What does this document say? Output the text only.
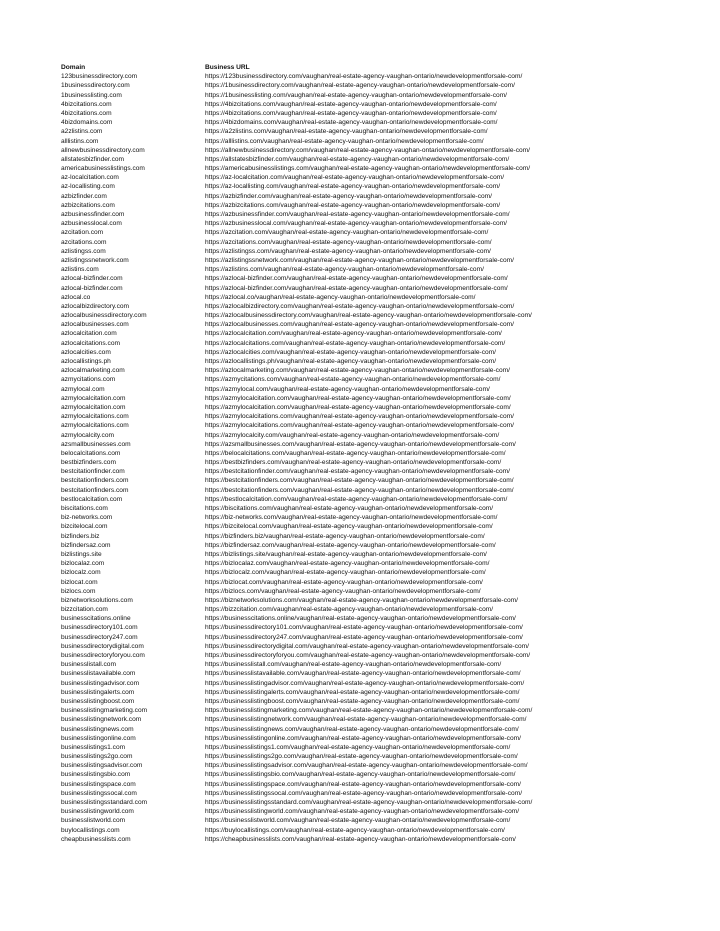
Domain	Business URL
123businessdirectory.com	https://123businessdirectory.com/vaughan/real-estate-agency-vaughan-ontario/newdevelopmentforsale-com/
1businessdirectory.com	https://1businessdirectory.com/vaughan/real-estate-agency-vaughan-ontario/newdevelopmentforsale-com/
1businesslisting.com	https://1businesslisting.com/vaughan/real-estate-agency-vaughan-ontario/newdevelopmentforsale-com/
4bizcitations.com	https://4bizcitations.com/vaughan/real-estate-agency-vaughan-ontario/newdevelopmentforsale-com/
4bizcitations.com	https://4bizcitations.com/vaughan/real-estate-agency-vaughan-ontario/newdevelopmentforsale-com/
4bizdomains.com	https://4bizdomains.com/vaughan/real-estate-agency-vaughan-ontario/newdevelopmentforsale-com/
a2zlistins.com	https://a2zlistins.com/vaughan/real-estate-agency-vaughan-ontario/newdevelopmentforsale-com/
alllistins.com	https://alllistins.com/vaughan/real-estate-agency-vaughan-ontario/newdevelopmentforsale-com/
allnewbusinessdirectory.com	https://allnewbusinessdirectory.com/vaughan/real-estate-agency-vaughan-ontario/newdevelopmentforsale-com/
allstatesbizfinder.com	https://allstatesbizfinder.com/vaughan/real-estate-agency-vaughan-ontario/newdevelopmentforsale-com/
americabusinesslistings.com	https://americabusinesslistings.com/vaughan/real-estate-agency-vaughan-ontario/newdevelopmentforsale-com/
az-localcitation.com	https://az-localcitation.com/vaughan/real-estate-agency-vaughan-ontario/newdevelopmentforsale-com/
az-locallisting.com	https://az-locallisting.com/vaughan/real-estate-agency-vaughan-ontario/newdevelopmentforsale-com/
azbizfinder.com	https://azbizfinder.com/vaughan/real-estate-agency-vaughan-ontario/newdevelopmentforsale-com/
azbizcitations.com	https://azbizcitations.com/vaughan/real-estate-agency-vaughan-ontario/newdevelopmentforsale-com/
azbusinessfinder.com	https://azbusinessfinder.com/vaughan/real-estate-agency-vaughan-ontario/newdevelopmentforsale-com/
azbusinesslocal.com	https://azbusinesslocal.com/vaughan/real-estate-agency-vaughan-ontario/newdevelopmentforsale-com/
azcitation.com	https://azcitation.com/vaughan/real-estate-agency-vaughan-ontario/newdevelopmentforsale-com/
azcitations.com	https://azcitations.com/vaughan/real-estate-agency-vaughan-ontario/newdevelopmentforsale-com/
azlistingss.com	https://azlistingss.com/vaughan/real-estate-agency-vaughan-ontario/newdevelopmentforsale-com/
azlistingssnetwork.com	https://azlistingssnetwork.com/vaughan/real-estate-agency-vaughan-ontario/newdevelopmentforsale-com/
azlistins.com	https://azlistins.com/vaughan/real-estate-agency-vaughan-ontario/newdevelopmentforsale-com/
azlocal-bizfinder.com	https://azlocal-bizfinder.com/vaughan/real-estate-agency-vaughan-ontario/newdevelopmentforsale-com/
azlocal-bizfinder.com	https://azlocal-bizfinder.com/vaughan/real-estate-agency-vaughan-ontario/newdevelopmentforsale-com/
azlocal.co	https://azlocal.co/vaughan/real-estate-agency-vaughan-ontario/newdevelopmentforsale-com/
azlocalbizdirectory.com	https://azlocalbizdirectory.com/vaughan/real-estate-agency-vaughan-ontario/newdevelopmentforsale-com/
azlocalbusinessdirectory.com	https://azlocalbusinessdirectory.com/vaughan/real-estate-agency-vaughan-ontario/newdevelopmentforsale-com/
azlocalbusinesses.com	https://azlocalbusinesses.com/vaughan/real-estate-agency-vaughan-ontario/newdevelopmentforsale-com/
azlocalcitation.com	https://azlocalcitation.com/vaughan/real-estate-agency-vaughan-ontario/newdevelopmentforsale-com/
azlocalcitations.com	https://azlocalcitations.com/vaughan/real-estate-agency-vaughan-ontario/newdevelopmentforsale-com/
azlocalcities.com	https://azlocalcities.com/vaughan/real-estate-agency-vaughan-ontario/newdevelopmentforsale-com/
azlocallistings.ph	https://azlocallistings.ph/vaughan/real-estate-agency-vaughan-ontario/newdevelopmentforsale-com/
azlocalmarketing.com	https://azlocalmarketing.com/vaughan/real-estate-agency-vaughan-ontario/newdevelopmentforsale-com/
azmycitations.com	https://azmycitations.com/vaughan/real-estate-agency-vaughan-ontario/newdevelopmentforsale-com/
azmylocal.com	https://azmylocal.com/vaughan/real-estate-agency-vaughan-ontario/newdevelopmentforsale-com/
azmylocalcitation.com	https://azmylocalcitation.com/vaughan/real-estate-agency-vaughan-ontario/newdevelopmentforsale-com/
azmylocalcitation.com	https://azmylocalcitation.com/vaughan/real-estate-agency-vaughan-ontario/newdevelopmentforsale-com/
azmylocalcitations.com	https://azmylocalcitations.com/vaughan/real-estate-agency-vaughan-ontario/newdevelopmentforsale-com/
azmylocalcitations.com	https://azmylocalcitations.com/vaughan/real-estate-agency-vaughan-ontario/newdevelopmentforsale-com/
azmylocalcity.com	https://azmylocalcity.com/vaughan/real-estate-agency-vaughan-ontario/newdevelopmentforsale-com/
azsmallbusinesses.com	https://azsmallbusinesses.com/vaughan/real-estate-agency-vaughan-ontario/newdevelopmentforsale-com/
belocalcitations.com	https://belocalcitations.com/vaughan/real-estate-agency-vaughan-ontario/newdevelopmentforsale-com/
bestbizfinders.com	https://bestbizfinders.com/vaughan/real-estate-agency-vaughan-ontario/newdevelopmentforsale-com/
bestcitationfinder.com	https://bestcitationfinder.com/vaughan/real-estate-agency-vaughan-ontario/newdevelopmentforsale-com/
bestcitationfinders.com	https://bestcitationfinders.com/vaughan/real-estate-agency-vaughan-ontario/newdevelopmentforsale-com/
bestcitationfinders.com	https://bestcitationfinders.com/vaughan/real-estate-agency-vaughan-ontario/newdevelopmentforsale-com/
bestlocalcitation.com	https://bestlocalcitation.com/vaughan/real-estate-agency-vaughan-ontario/newdevelopmentforsale-com/
biscitations.com	https://biscitations.com/vaughan/real-estate-agency-vaughan-ontario/newdevelopmentforsale-com/
biz-networks.com	https://biz-networks.com/vaughan/real-estate-agency-vaughan-ontario/newdevelopmentforsale-com/
bizcitelocal.com	https://bizcitelocal.com/vaughan/real-estate-agency-vaughan-ontario/newdevelopmentforsale-com/
bizfinders.biz	https://bizfinders.biz/vaughan/real-estate-agency-vaughan-ontario/newdevelopmentforsale-com/
bizfindersaz.com	https://bizfindersaz.com/vaughan/real-estate-agency-vaughan-ontario/newdevelopmentforsale-com/
bizlistings.site	https://bizlistings.site/vaughan/real-estate-agency-vaughan-ontario/newdevelopmentforsale-com/
bizlocalaz.com	https://bizlocalaz.com/vaughan/real-estate-agency-vaughan-ontario/newdevelopmentforsale-com/
bizlocalz.com	https://bizlocalz.com/vaughan/real-estate-agency-vaughan-ontario/newdevelopmentforsale-com/
bizlocat.com	https://bizlocat.com/vaughan/real-estate-agency-vaughan-ontario/newdevelopmentforsale-com/
bizlocs.com	https://bizlocs.com/vaughan/real-estate-agency-vaughan-ontario/newdevelopmentforsale-com/
biznetworksolutions.com	https://biznetworksolutions.com/vaughan/real-estate-agency-vaughan-ontario/newdevelopmentforsale-com/
bizzcitation.com	https://bizzcitation.com/vaughan/real-estate-agency-vaughan-ontario/newdevelopmentforsale-com/
businesscitations.online	https://businesscitations.online/vaughan/real-estate-agency-vaughan-ontario/newdevelopmentforsale-com/
businessdirectory101.com	https://businessdirectory101.com/vaughan/real-estate-agency-vaughan-ontario/newdevelopmentforsale-com/
businessdirectory247.com	https://businessdirectory247.com/vaughan/real-estate-agency-vaughan-ontario/newdevelopmentforsale-com/
businessdirectorydigital.com	https://businessdirectorydigital.com/vaughan/real-estate-agency-vaughan-ontario/newdevelopmentforsale-com/
businessdirectoryforyou.com	https://businessdirectoryforyou.com/vaughan/real-estate-agency-vaughan-ontario/newdevelopmentforsale-com/
businesslistall.com	https://businesslistall.com/vaughan/real-estate-agency-vaughan-ontario/newdevelopmentforsale-com/
businesslistavailable.com	https://businesslistavailable.com/vaughan/real-estate-agency-vaughan-ontario/newdevelopmentforsale-com/
businesslistingadvisor.com	https://businesslistingadvisor.com/vaughan/real-estate-agency-vaughan-ontario/newdevelopmentforsale-com/
businesslistingalerts.com	https://businesslistingalerts.com/vaughan/real-estate-agency-vaughan-ontario/newdevelopmentforsale-com/
businesslistingboost.com	https://businesslistingboost.com/vaughan/real-estate-agency-vaughan-ontario/newdevelopmentforsale-com/
businesslistingmarketing.com	https://businesslistingmarketing.com/vaughan/real-estate-agency-vaughan-ontario/newdevelopmentforsale-com/
businesslistingnetwork.com	https://businesslistingnetwork.com/vaughan/real-estate-agency-vaughan-ontario/newdevelopmentforsale-com/
businesslistingnews.com	https://businesslistingnews.com/vaughan/real-estate-agency-vaughan-ontario/newdevelopmentforsale-com/
businesslistingonline.com	https://businesslistingonline.com/vaughan/real-estate-agency-vaughan-ontario/newdevelopmentforsale-com/
businesslistings1.com	https://businesslistings1.com/vaughan/real-estate-agency-vaughan-ontario/newdevelopmentforsale-com/
businesslistings2go.com	https://businesslistings2go.com/vaughan/real-estate-agency-vaughan-ontario/newdevelopmentforsale-com/
businesslistingsadvisor.com	https://businesslistingsadvisor.com/vaughan/real-estate-agency-vaughan-ontario/newdevelopmentforsale-com/
businesslistingsbio.com	https://businesslistingsbio.com/vaughan/real-estate-agency-vaughan-ontario/newdevelopmentforsale-com/
businesslistingspace.com	https://businesslistingspace.com/vaughan/real-estate-agency-vaughan-ontario/newdevelopmentforsale-com/
businesslistingssocal.com	https://businesslistingssocal.com/vaughan/real-estate-agency-vaughan-ontario/newdevelopmentforsale-com/
businesslistingsstandard.com	https://businesslistingsstandard.com/vaughan/real-estate-agency-vaughan-ontario/newdevelopmentforsale-com/
businesslistingworld.com	https://businesslistingworld.com/vaughan/real-estate-agency-vaughan-ontario/newdevelopmentforsale-com/
businesslistworld.com	https://businesslistworld.com/vaughan/real-estate-agency-vaughan-ontario/newdevelopmentforsale-com/
buylocallistings.com	https://buylocallistings.com/vaughan/real-estate-agency-vaughan-ontario/newdevelopmentforsale-com/
cheapbusinesslists.com	https://cheapbusinesslists.com/vaughan/real-estate-agency-vaughan-ontario/newdevelopmentforsale-com/
